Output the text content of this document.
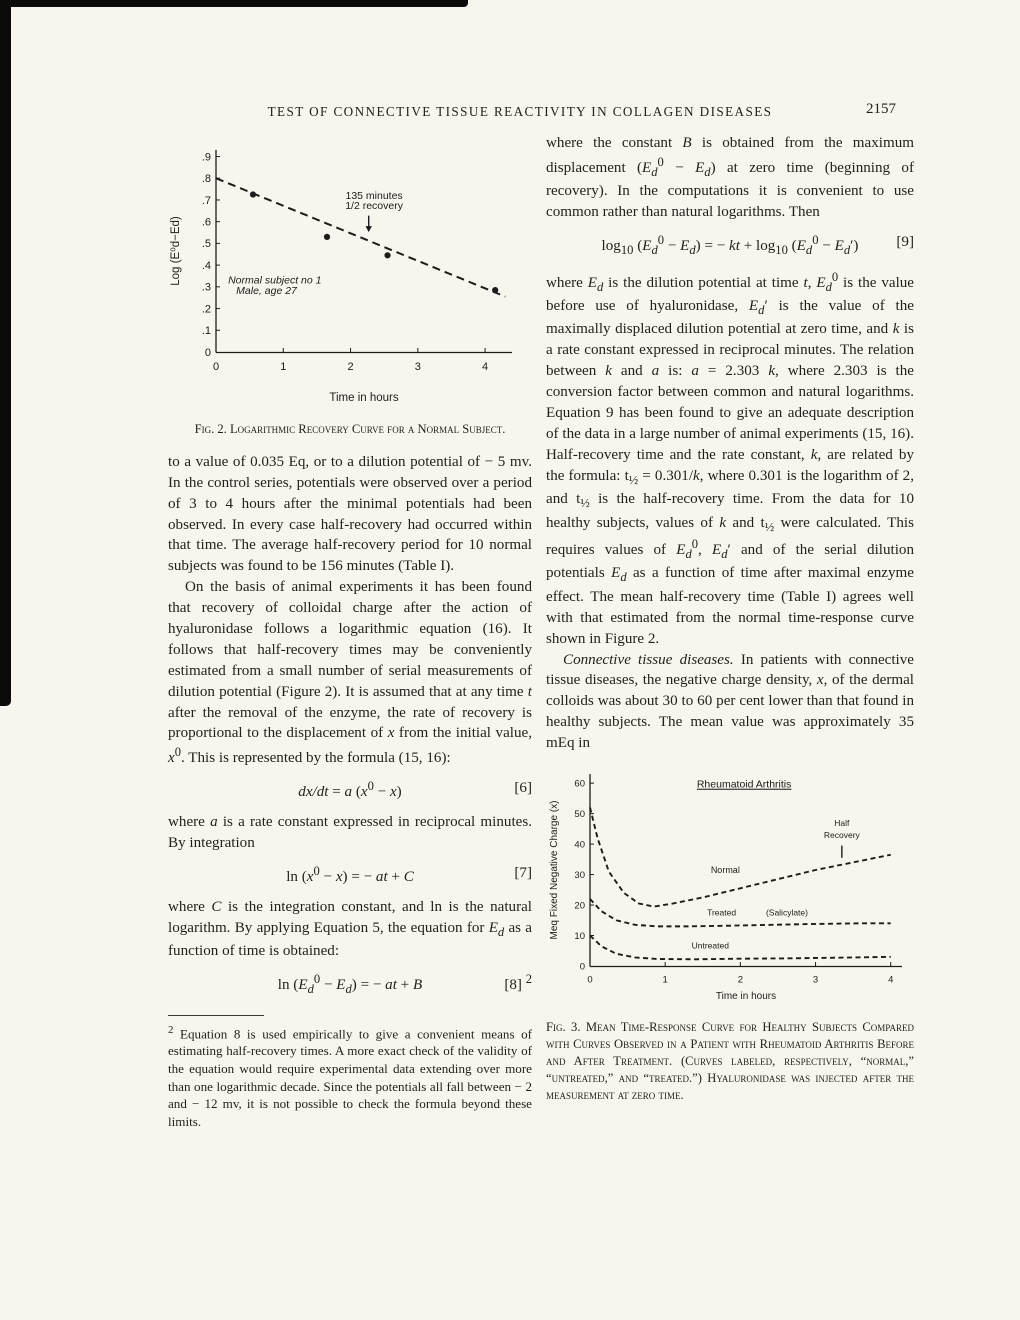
TEST OF CONNECTIVE TISSUE REACTIVITY IN COLLAGEN DISEASES	2157
0
.1
.2
.3
.4
.5
.6
.7
.8
.9
0	1	2	3	4
Time in hours
Log (E⁰d−Ed)
135 minutes
1/2 recovery
Normal subject no 1
Male, age 27
Fig. 2. Logarithmic Recovery Curve for a Normal Subject.

to a value of 0.035 Eq, or to a dilution potential of − 5 mv. In the control series, potentials were observed over a period of 3 to 4 hours after the minimal potentials had been observed. In every case half-recovery had occurred within that time. The average half-recovery period for 10 normal subjects was found to be 156 minutes (Table I).

On the basis of animal experiments it has been found that recovery of colloidal charge after the action of hyaluronidase follows a logarithmic equation (16). It follows that half-recovery times may be conveniently estimated from a small number of serial measurements of dilution potential (Figure 2). It is assumed that at any time t after the removal of the enzyme, the rate of recovery is proportional to the displacement of x from the initial value, $x^0$. This is represented by the formula (15, 16):

dx/dt = a $(x^0 - x)$	[6]

where a is a rate constant expressed in reciprocal minutes. By integration

$\ln (x^0 - x)$ = − at + C	[7]

where C is the integration constant, and ln is the natural logarithm. By applying Equation 5, the equation for $E_d$ as a function of time is obtained:

$\ln (E_d^0 - E_d)$ = − at + B	[8] $^2$

$^2$ Equation 8 is used empirically to give a convenient means of estimating half-recovery times. A more exact check of the validity of the equation would require experimental data extending over more than one logarithmic decade. Since the potentials all fall between − 2 and − 12 mv, it is not possible to check the formula beyond these limits.

where the constant B is obtained from the maximum displacement $(E_d^0 - E_d)$ at zero time (beginning of recovery). In the computations it is convenient to use common rather than natural logarithms. Then

$\log_{10} (E_d^0 - E_d)$ = − kt + $\log_{10} (E_d^0 - E_d')$	[9]

where $E_d$ is the dilution potential at time t, $E_d^0$ is the value before use of hyaluronidase, $E_d'$ is the value of the maximally displaced dilution potential at zero time, and k is a rate constant expressed in reciprocal minutes. The relation between k and a is: a = 2.303 k, where 2.303 is the conversion factor between common and natural logarithms. Equation 9 has been found to give an adequate description of the data in a large number of animal experiments (15, 16). Half-recovery time and the rate constant, k, are related by the formula: $t_{\frac{1}{2}} = 0.301/k$, where 0.301 is the logarithm of 2, and $t_{\frac{1}{2}}$ is the half-recovery time. From the data for 10 healthy subjects, values of k and $t_{\frac{1}{2}}$ were calculated. This requires values of $E_d^0$, $E_d'$ and of the serial dilution potentials $E_d$ as a function of time after maximal enzyme effect. The mean half-recovery time (Table I) agrees well with that estimated from the normal time-response curve shown in Figure 2.

Connective tissue diseases. In patients with connective tissue diseases, the negative charge density, x, of the dermal colloids was about 30 to 60 per cent lower than that found in healthy subjects. The mean value was approximately 35 mEq in

0
10
20
30
40
50
60
0	1	2	3	4
Time in hours
Meq Fixed Negative Charge (x)
Rheumatoid Arthritis
Half
Recovery
Normal
Treated	(Salicylate)
Untreated
Fig. 3. Mean Time-Response Curve for Healthy Subjects Compared with Curves Observed in a Patient with Rheumatoid Arthritis Before and After Treatment. (Curves labeled, respectively, “normal,” “untreated,” and “treated.”) Hyaluronidase was injected after the measurement at zero time.
